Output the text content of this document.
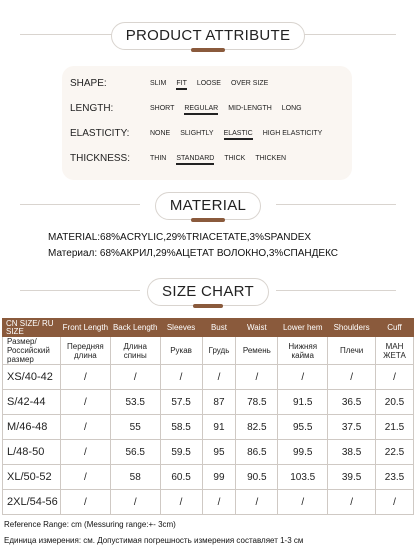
PRODUCT ATTRIBUTE
SHAPE:	SLIM FIT LOOSE OVER SIZE
LENGTH:	SHORT REGULAR MID-LENGTH LONG
ELASTICITY:	NONE SLIGHTLY ELASTIC HIGH ELASTICITY
THICKNESS:	THIN STANDARD THICK THICKEN
MATERIAL
MATERIAL:68%ACRYLIC,29%TRIACETATE,3%SPANDEX
Материал: 68%АКРИЛ,29%АЦЕТАТ ВОЛОКНО,3%СПАНДЕКС
SIZE CHART
CN SIZE/ RU SIZE	Front Length	Back Length	Sleeves	Bust	Waist	Lower hem	Shoulders	Cuff
Размер/ Российский размер	Передняя длина	Длина спины	Рукав	Грудь	Ремень	Нижняя кайма	Плечи	МАН ЖЕТА
XS/40-42	/	/	/	/	/	/	/	/
S/42-44	/	53.5	57.5	87	78.5	91.5	36.5	20.5
M/46-48	/	55	58.5	91	82.5	95.5	37.5	21.5
L/48-50	/	56.5	59.5	95	86.5	99.5	38.5	22.5
XL/50-52	/	58	60.5	99	90.5	103.5	39.5	23.5
2XL/54-56	/	/	/	/	/	/	/	/
Reference Range: cm (Messuring range:+- 3cm)
Единица измерения: см. Допустимая погрешность измерения составляет 1-3 см
